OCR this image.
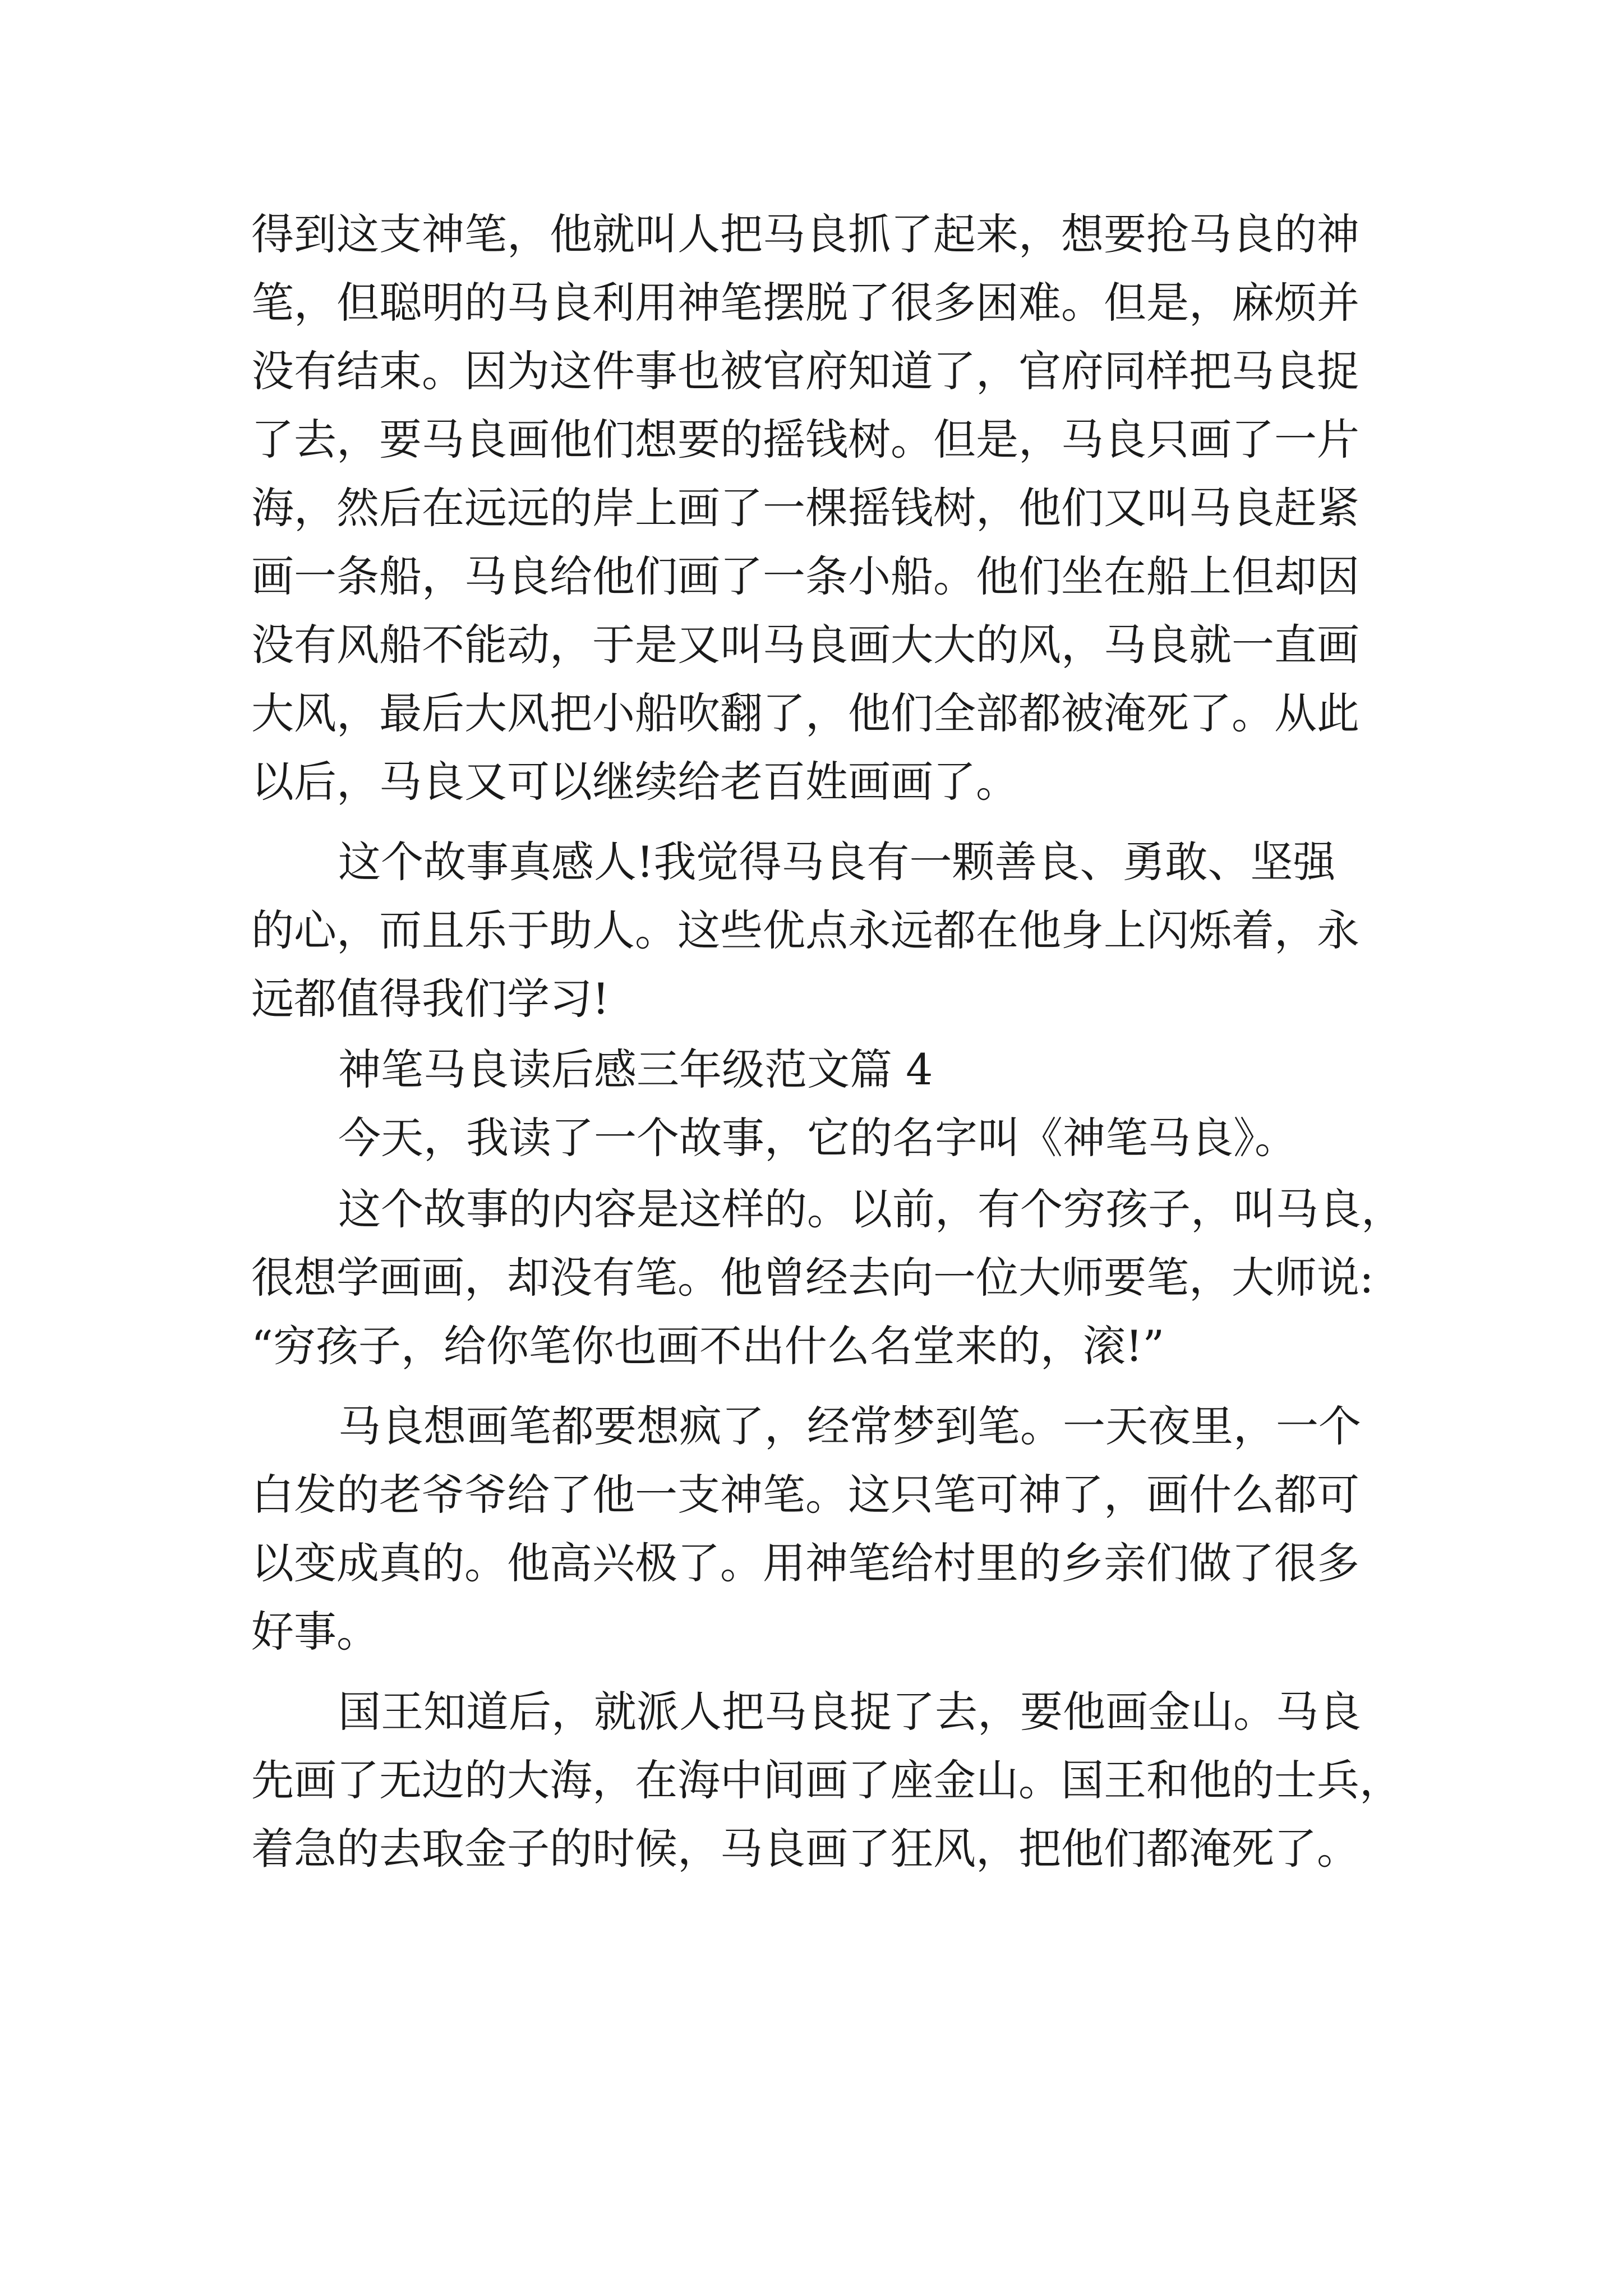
得到这支神笔，他就叫人把马良抓了起来，想要抢马良的神

笔，但聪明的马良利用神笔摆脱了很多困难。但是，麻烦并

没有结束。因为这件事也被官府知道了，官府同样把马良捉

了去，要马良画他们想要的摇钱树。但是，马良只画了一片

海，然后在远远的岸上画了一棵摇钱树，他们又叫马良赶紧

画一条船，马良给他们画了一条小船。他们坐在船上但却因

没有风船不能动，于是又叫马良画大大的风，马良就一直画

大风，最后大风把小船吹翻了，他们全部都被淹死了。从此

以后，马良又可以继续给老百姓画画了。

这个故事真感人!我觉得马良有一颗善良、勇敢、坚强

的心，而且乐于助人。这些优点永远都在他身上闪烁着，永

远都值得我们学习!

神笔马良读后感三年级范文篇 4

今天，我读了一个故事，它的名字叫《神笔马良》。

这个故事的内容是这样的。以前，有个穷孩子，叫马良，

很想学画画，却没有笔。他曾经去向一位大师要笔，大师说:

“穷孩子，给你笔你也画不出什么名堂来的，滚!”

马良想画笔都要想疯了，经常梦到笔。一天夜里，一个

白发的老爷爷给了他一支神笔。这只笔可神了，画什么都可

以变成真的。他高兴极了。用神笔给村里的乡亲们做了很多

好事。

国王知道后，就派人把马良捉了去，要他画金山。马良

先画了无边的大海，在海中间画了座金山。国王和他的士兵，

着急的去取金子的时候，马良画了狂风，把他们都淹死了。
